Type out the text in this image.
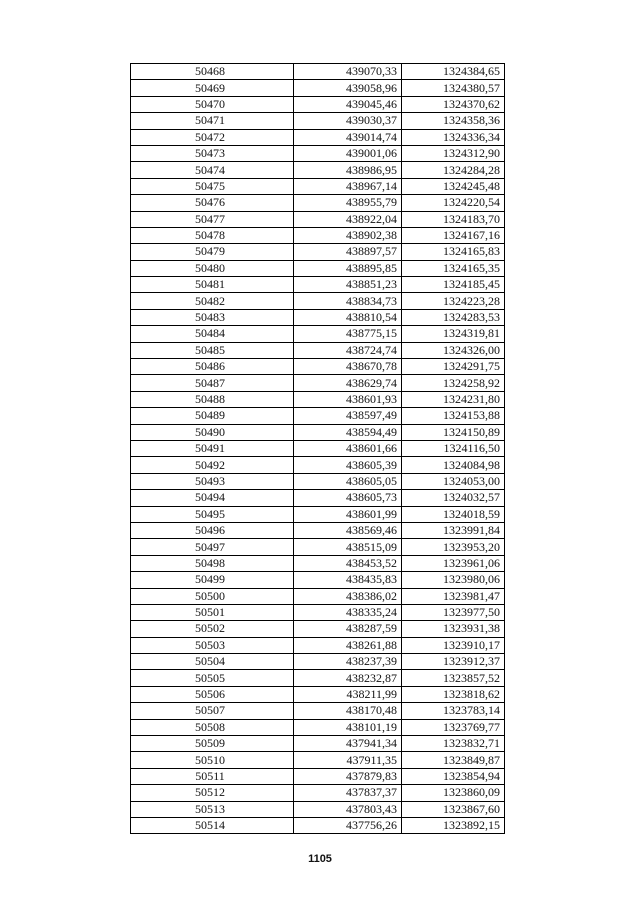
50468	439070,33	1324384,65
50469	439058,96	1324380,57
50470	439045,46	1324370,62
50471	439030,37	1324358,36
50472	439014,74	1324336,34
50473	439001,06	1324312,90
50474	438986,95	1324284,28
50475	438967,14	1324245,48
50476	438955,79	1324220,54
50477	438922,04	1324183,70
50478	438902,38	1324167,16
50479	438897,57	1324165,83
50480	438895,85	1324165,35
50481	438851,23	1324185,45
50482	438834,73	1324223,28
50483	438810,54	1324283,53
50484	438775,15	1324319,81
50485	438724,74	1324326,00
50486	438670,78	1324291,75
50487	438629,74	1324258,92
50488	438601,93	1324231,80
50489	438597,49	1324153,88
50490	438594,49	1324150,89
50491	438601,66	1324116,50
50492	438605,39	1324084,98
50493	438605,05	1324053,00
50494	438605,73	1324032,57
50495	438601,99	1324018,59
50496	438569,46	1323991,84
50497	438515,09	1323953,20
50498	438453,52	1323961,06
50499	438435,83	1323980,06
50500	438386,02	1323981,47
50501	438335,24	1323977,50
50502	438287,59	1323931,38
50503	438261,88	1323910,17
50504	438237,39	1323912,37
50505	438232,87	1323857,52
50506	438211,99	1323818,62
50507	438170,48	1323783,14
50508	438101,19	1323769,77
50509	437941,34	1323832,71
50510	437911,35	1323849,87
50511	437879,83	1323854,94
50512	437837,37	1323860,09
50513	437803,43	1323867,60
50514	437756,26	1323892,15
1105
